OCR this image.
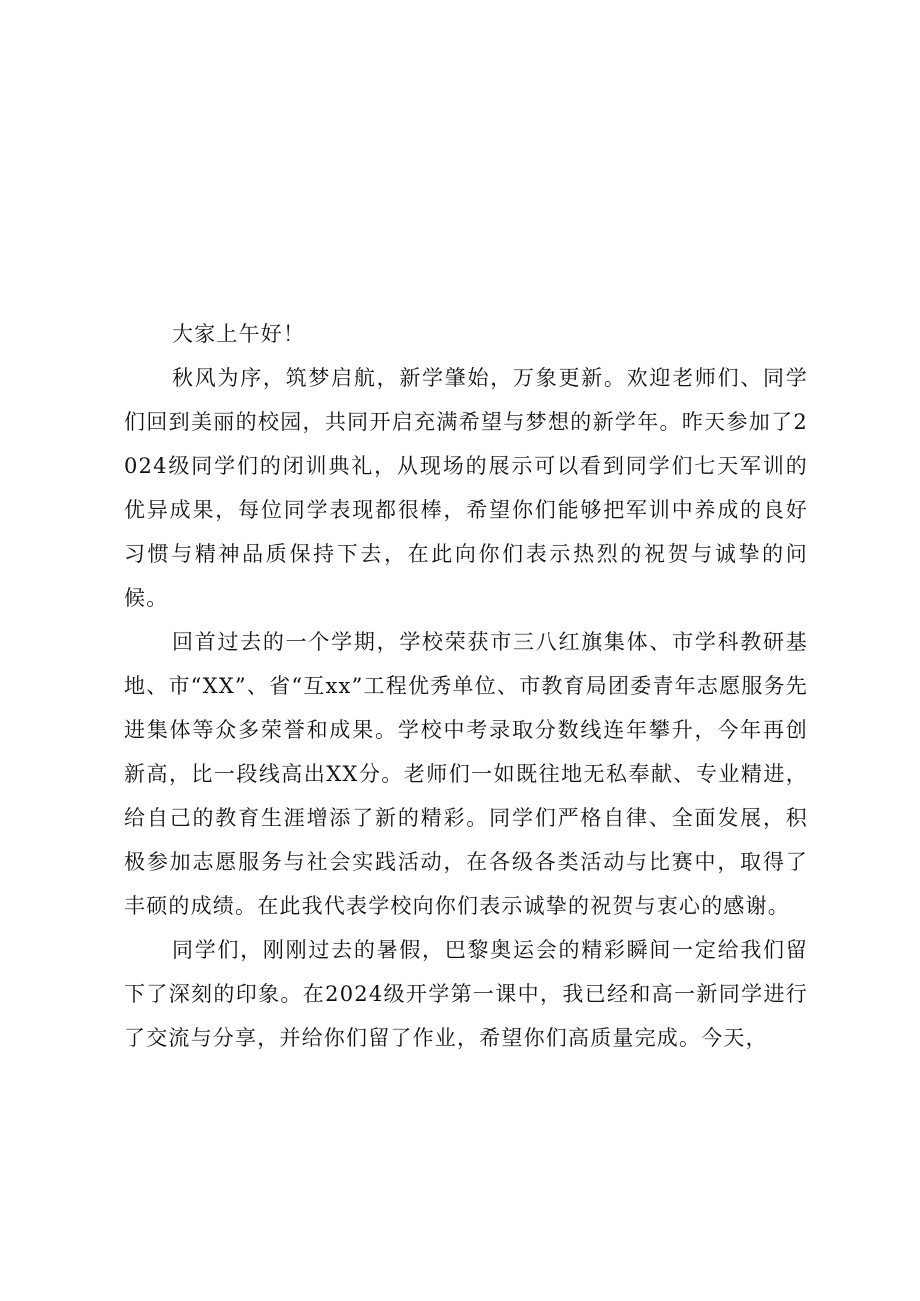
大家上午好！

秋风为序，筑梦启航，新学肇始，万象更新。欢迎老师们、同学们回到美丽的校园，共同开启充满希望与梦想的新学年。昨天参加了2024级同学们的闭训典礼，从现场的展示可以看到同学们七天军训的优异成果，每位同学表现都很棒，希望你们能够把军训中养成的良好习惯与精神品质保持下去，在此向你们表示热烈的祝贺与诚挚的问候。

回首过去的一个学期，学校荣获市三八红旗集体、市学科教研基地、市“XX”、省“互xx”工程优秀单位、市教育局团委青年志愿服务先进集体等众多荣誉和成果。学校中考录取分数线连年攀升，今年再创新高，比一段线高出XX分。老师们一如既往地无私奉献、专业精进，给自己的教育生涯增添了新的精彩。同学们严格自律、全面发展，积极参加志愿服务与社会实践活动，在各级各类活动与比赛中，取得了丰硕的成绩。在此我代表学校向你们表示诚挚的祝贺与衷心的感谢。

同学们，刚刚过去的暑假，巴黎奥运会的精彩瞬间一定给我们留下了深刻的印象。在2024级开学第一课中，我已经和高一新同学进行了交流与分享，并给你们留了作业，希望你们高质量完成。今天，
